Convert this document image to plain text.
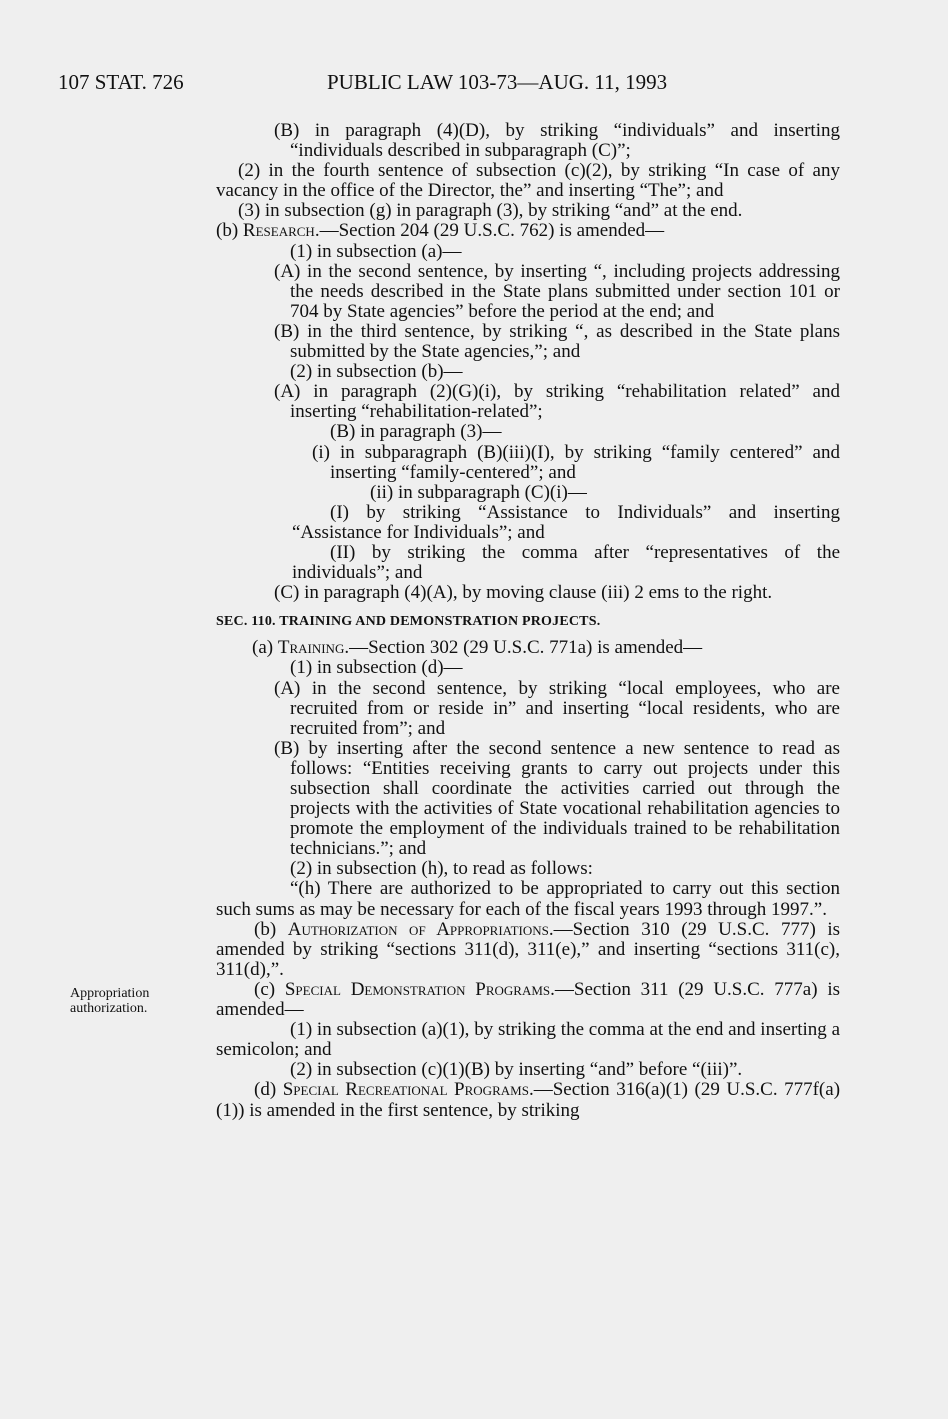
107 STAT. 726	PUBLIC LAW 103-73—AUG. 11, 1993
Appropriation
authorization.

(B) in paragraph (4)(D), by striking “individuals” and inserting “individuals described in subparagraph (C)”;

(2) in the fourth sentence of subsection (c)(2), by striking “In case of any vacancy in the office of the Director, the” and inserting “The”; and

(3) in subsection (g) in paragraph (3), by striking “and” at the end.

(b) Research.—Section 204 (29 U.S.C. 762) is amended—

(1) in subsection (a)—

(A) in the second sentence, by inserting “, including projects addressing the needs described in the State plans submitted under section 101 or 704 by State agencies” before the period at the end; and

(B) in the third sentence, by striking “, as described in the State plans submitted by the State agencies,”; and

(2) in subsection (b)—

(A) in paragraph (2)(G)(i), by striking “rehabilitation related” and inserting “rehabilitation-related”;

(B) in paragraph (3)—

(i) in subparagraph (B)(iii)(I), by striking “family centered” and inserting “family-centered”; and

(ii) in subparagraph (C)(i)—

(I) by striking “Assistance to Individuals” and inserting “Assistance for Individuals”; and

(II) by striking the comma after “representatives of the individuals”; and

(C) in paragraph (4)(A), by moving clause (iii) 2 ems to the right.

SEC. 110. TRAINING AND DEMONSTRATION PROJECTS.

(a) Training.—Section 302 (29 U.S.C. 771a) is amended—

(1) in subsection (d)—

(A) in the second sentence, by striking “local employees, who are recruited from or reside in” and inserting “local residents, who are recruited from”; and

(B) by inserting after the second sentence a new sentence to read as follows: “Entities receiving grants to carry out projects under this subsection shall coordinate the activities carried out through the projects with the activities of State vocational rehabilitation agencies to promote the employment of the individuals trained to be rehabilitation technicians.”; and

(2) in subsection (h), to read as follows:

“(h) There are authorized to be appropriated to carry out this section such sums as may be necessary for each of the fiscal years 1993 through 1997.”.

(b) Authorization of Appropriations.—Section 310 (29 U.S.C. 777) is amended by striking “sections 311(d), 311(e),” and inserting “sections 311(c), 311(d),”.

(c) Special Demonstration Programs.—Section 311 (29 U.S.C. 777a) is amended—

(1) in subsection (a)(1), by striking the comma at the end and inserting a semicolon; and

(2) in subsection (c)(1)(B) by inserting “and” before “(iii)”.

(d) Special Recreational Programs.—Section 316(a)(1) (29 U.S.C. 777f(a)(1)) is amended in the first sentence, by striking
